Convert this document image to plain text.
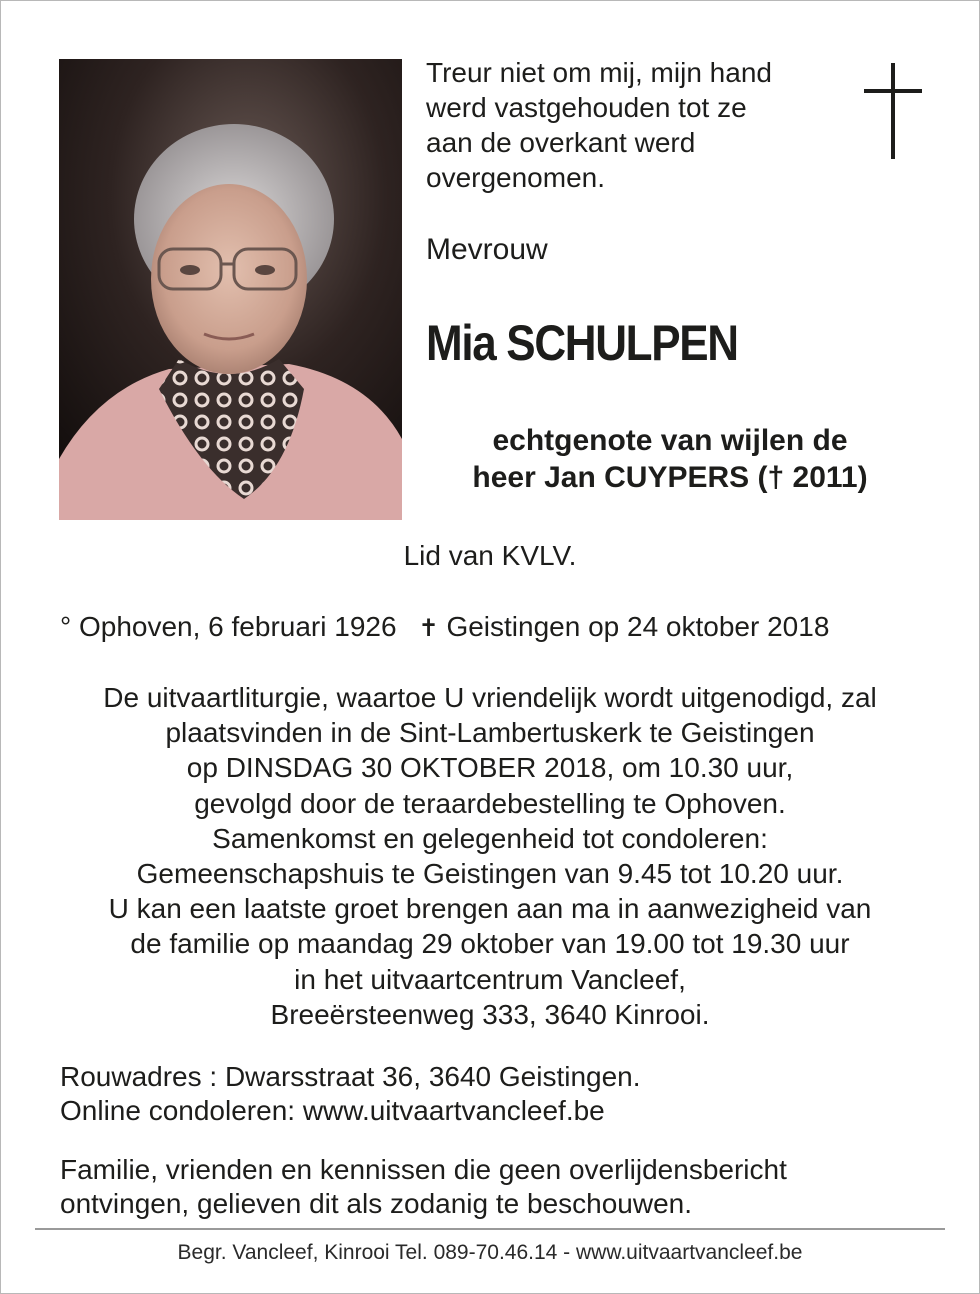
Treur niet om mij, mijn hand
werd vastgehouden tot ze
aan de overkant werd
overgenomen.
Mevrouw
Mia SCHULPEN
echtgenote van wijlen de
heer Jan CUYPERS († 2011)
Lid van KVLV.
° Ophoven, 6 februari 1926 ✝ Geistingen op 24 oktober 2018
De uitvaartliturgie, waartoe U vriendelijk wordt uitgenodigd, zal
plaatsvinden in de Sint-Lambertuskerk te Geistingen
op DINSDAG 30 OKTOBER 2018, om 10.30 uur,
gevolgd door de teraardebestelling te Ophoven.
Samenkomst en gelegenheid tot condoleren:
Gemeenschapshuis te Geistingen van 9.45 tot 10.20 uur.
U kan een laatste groet brengen aan ma in aanwezigheid van
de familie op maandag 29 oktober van 19.00 tot 19.30 uur
in het uitvaartcentrum Vancleef,
Breeërsteenweg 333, 3640 Kinrooi.
Rouwadres : Dwarsstraat 36, 3640 Geistingen.
Online condoleren: www.uitvaartvancleef.be
Familie, vrienden en kennissen die geen overlijdensbericht
ontvingen, gelieven dit als zodanig te beschouwen.
Begr. Vancleef, Kinrooi Tel. 089-70.46.14 - www.uitvaartvancleef.be
